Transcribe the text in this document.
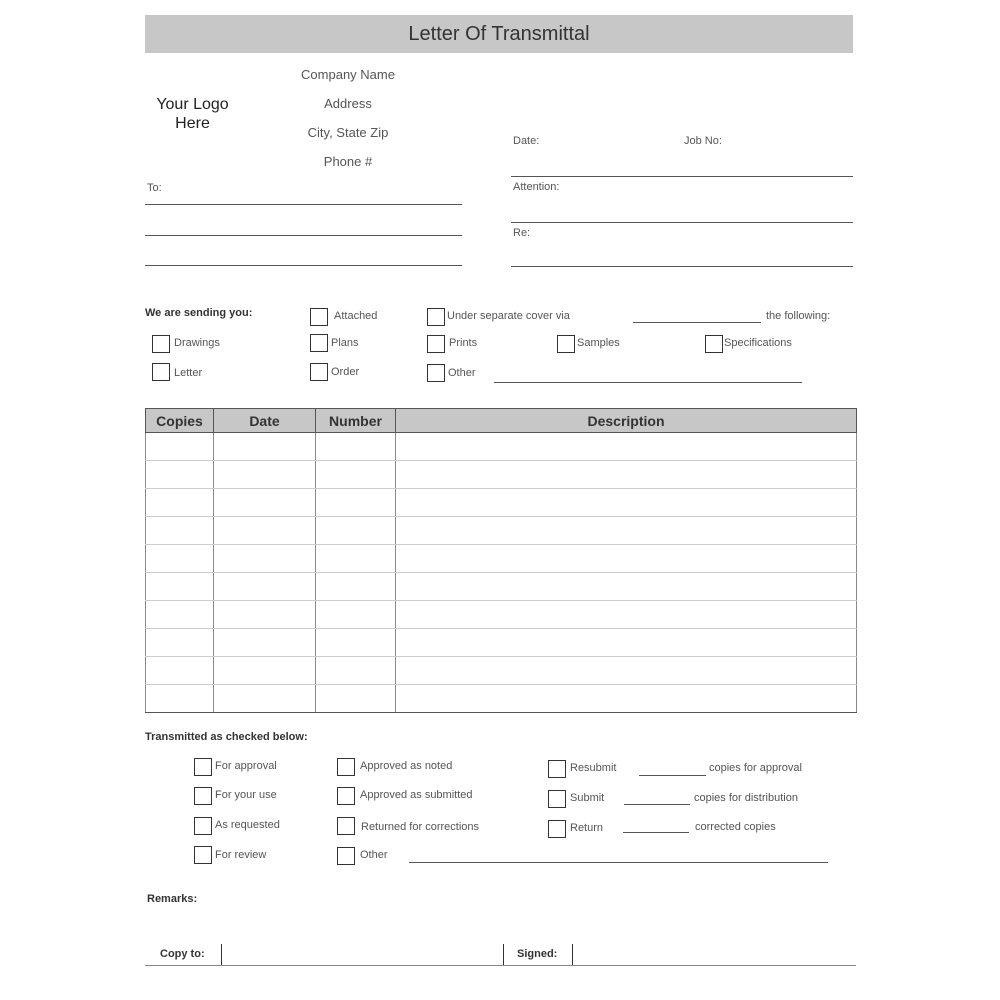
Letter Of Transmittal
Your Logo
Here
Company Name
Address
City, State Zip
Phone #
To:
Date:	Job No:
Attention:
Re:
We are sending you:	Attached	Under separate cover via	the following:
Drawings	Plans	Prints	Samples	Specifications
Letter	Order	Other
Copies	Date	Number	Description

Transmitted as checked below:
For approval
For your use
As requested
For review
Approved as noted
Approved as submitted
Returned for corrections
Other
Resubmit	copies for approval
Submit	copies for distribution
Return	corrected copies
Remarks:
Copy to:	Signed:
